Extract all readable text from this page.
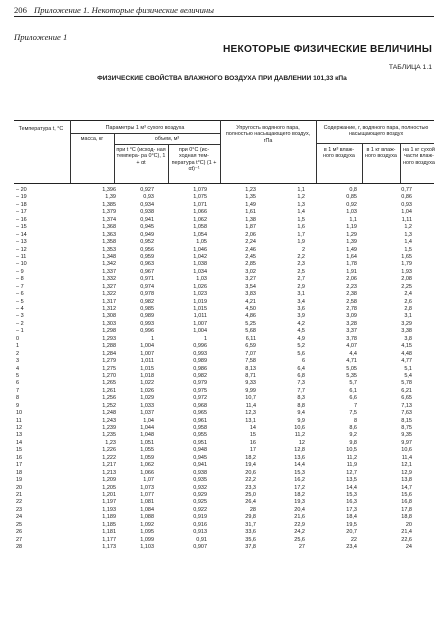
206 Приложение 1. Некоторые физические величины
Приложение 1
НЕКОТОРЫЕ ФИЗИЧЕСКИЕ ВЕЛИЧИНЫ
ТАБЛИЦА 1.1
ФИЗИЧЕСКИЕ СВОЙСТВА ВЛАЖНОГО ВОЗДУХА ПРИ ДАВЛЕНИИ 101,33 кПа
Температура t, °С	Параметры 1 м³ сухого воздуха
масса, кг	объем, м³
при t °С (исход- ная темпера- ра 0°С), 1 + αt
при 0°С (ис- ходная тем- пература t°С) (1 + αt)⁻¹
Упругость водяного пара, полностью насыщающего воздух, гПа
Содержание, г, водяного пара, полностью насыщающего воздух
в 1 м³ влаж- ного воздуха
в 1 кг влаж- ного воздуха
на 1 кг сухой части влаж- ного воздуха
– 20	1,396	0,927	1,079	1,23	1,1	0,8	0,77
– 19	1,39	0,93	1,075	1,35	1,2	0,85	0,86
– 18	1,385	0,934	1,071	1,49	1,3	0,92	0,93
– 17	1,379	0,938	1,066	1,61	1,4	1,03	1,04
– 16	1,374	0,941	1,062	1,38	1,5	1,1	1,11
– 15	1,368	0,945	1,058	1,87	1,6	1,19	1,2
– 14	1,363	0,949	1,054	2,06	1,7	1,29	1,3
– 13	1,358	0,952	1,05	2,24	1,9	1,39	1,4
– 12	1,353	0,956	1,046	2,46	2	1,49	1,5
– 11	1,348	0,959	1,042	2,45	2,2	1,64	1,65
– 10	1,342	0,963	1,038	2,85	2,3	1,78	1,79
– 9	1,337	0,967	1,034	3,02	2,5	1,91	1,93
– 8	1,332	0,971	1,03	3,27	2,7	2,06	2,08
– 7	1,327	0,974	1,026	3,54	2,9	2,23	2,25
– 6	1,322	0,978	1,023	3,83	3,1	2,38	2,4
– 5	1,317	0,982	1,019	4,21	3,4	2,58	2,6
– 4	1,312	0,985	1,015	4,50	3,6	2,78	2,8
– 3	1,308	0,989	1,011	4,86	3,9	3,09	3,1
– 2	1,303	0,993	1,007	5,25	4,2	3,28	3,29
– 1	1,298	0,996	1,004	5,68	4,5	3,37	3,38
0	1,293	1	1	6,11	4,9	3,78	3,8
1	1,288	1,004	0,996	6,59	5,2	4,07	4,15
2	1,284	1,007	0,993	7,07	5,6	4,4	4,48
3	1,279	1,011	0,989	7,58	6	4,71	4,77
4	1,275	1,015	0,986	8,13	6,4	5,05	5,1
5	1,270	1,018	0,982	8,71	6,8	5,35	5,4
6	1,265	1,022	0,979	9,33	7,3	5,7	5,78
7	1,261	1,026	0,975	9,99	7,7	6,1	6,21
8	1,256	1,029	0,972	10,7	8,3	6,6	6,65
9	1,252	1,033	0,968	11,4	8,8	7	7,13
10	1,248	1,037	0,965	12,3	9,4	7,5	7,63
11	1,243	1,04	0,961	13,1	9,9	8	8,15
12	1,239	1,044	0,958	14	10,6	8,6	8,75
13	1,235	1,048	0,955	15	11,2	9,2	9,35
14	1,23	1,051	0,951	16	12	9,8	9,97
15	1,226	1,055	0,948	17	12,8	10,5	10,6
16	1,222	1,059	0,945	18,2	13,6	11,2	11,4
17	1,217	1,062	0,941	19,4	14,4	11,9	12,1
18	1,213	1,066	0,938	20,6	15,3	12,7	12,9
19	1,209	1,07	0,935	22,2	16,2	13,5	13,8
20	1,205	1,073	0,932	23,3	17,2	14,4	14,7
21	1,201	1,077	0,929	25,0	18,2	15,3	15,6
22	1,197	1,081	0,925	26,4	19,3	16,3	16,8
23	1,193	1,084	0,922	28	20,4	17,3	17,8
24	1,189	1,088	0,919	29,8	21,6	18,4	18,8
25	1,185	1,092	0,916	31,7	22,9	19,5	20
26	1,181	1,095	0,913	33,6	24,2	20,7	21,4
27	1,177	1,099	0,91	35,6	25,6	22	22,6
28	1,173	1,103	0,907	37,8	27	23,4	24
